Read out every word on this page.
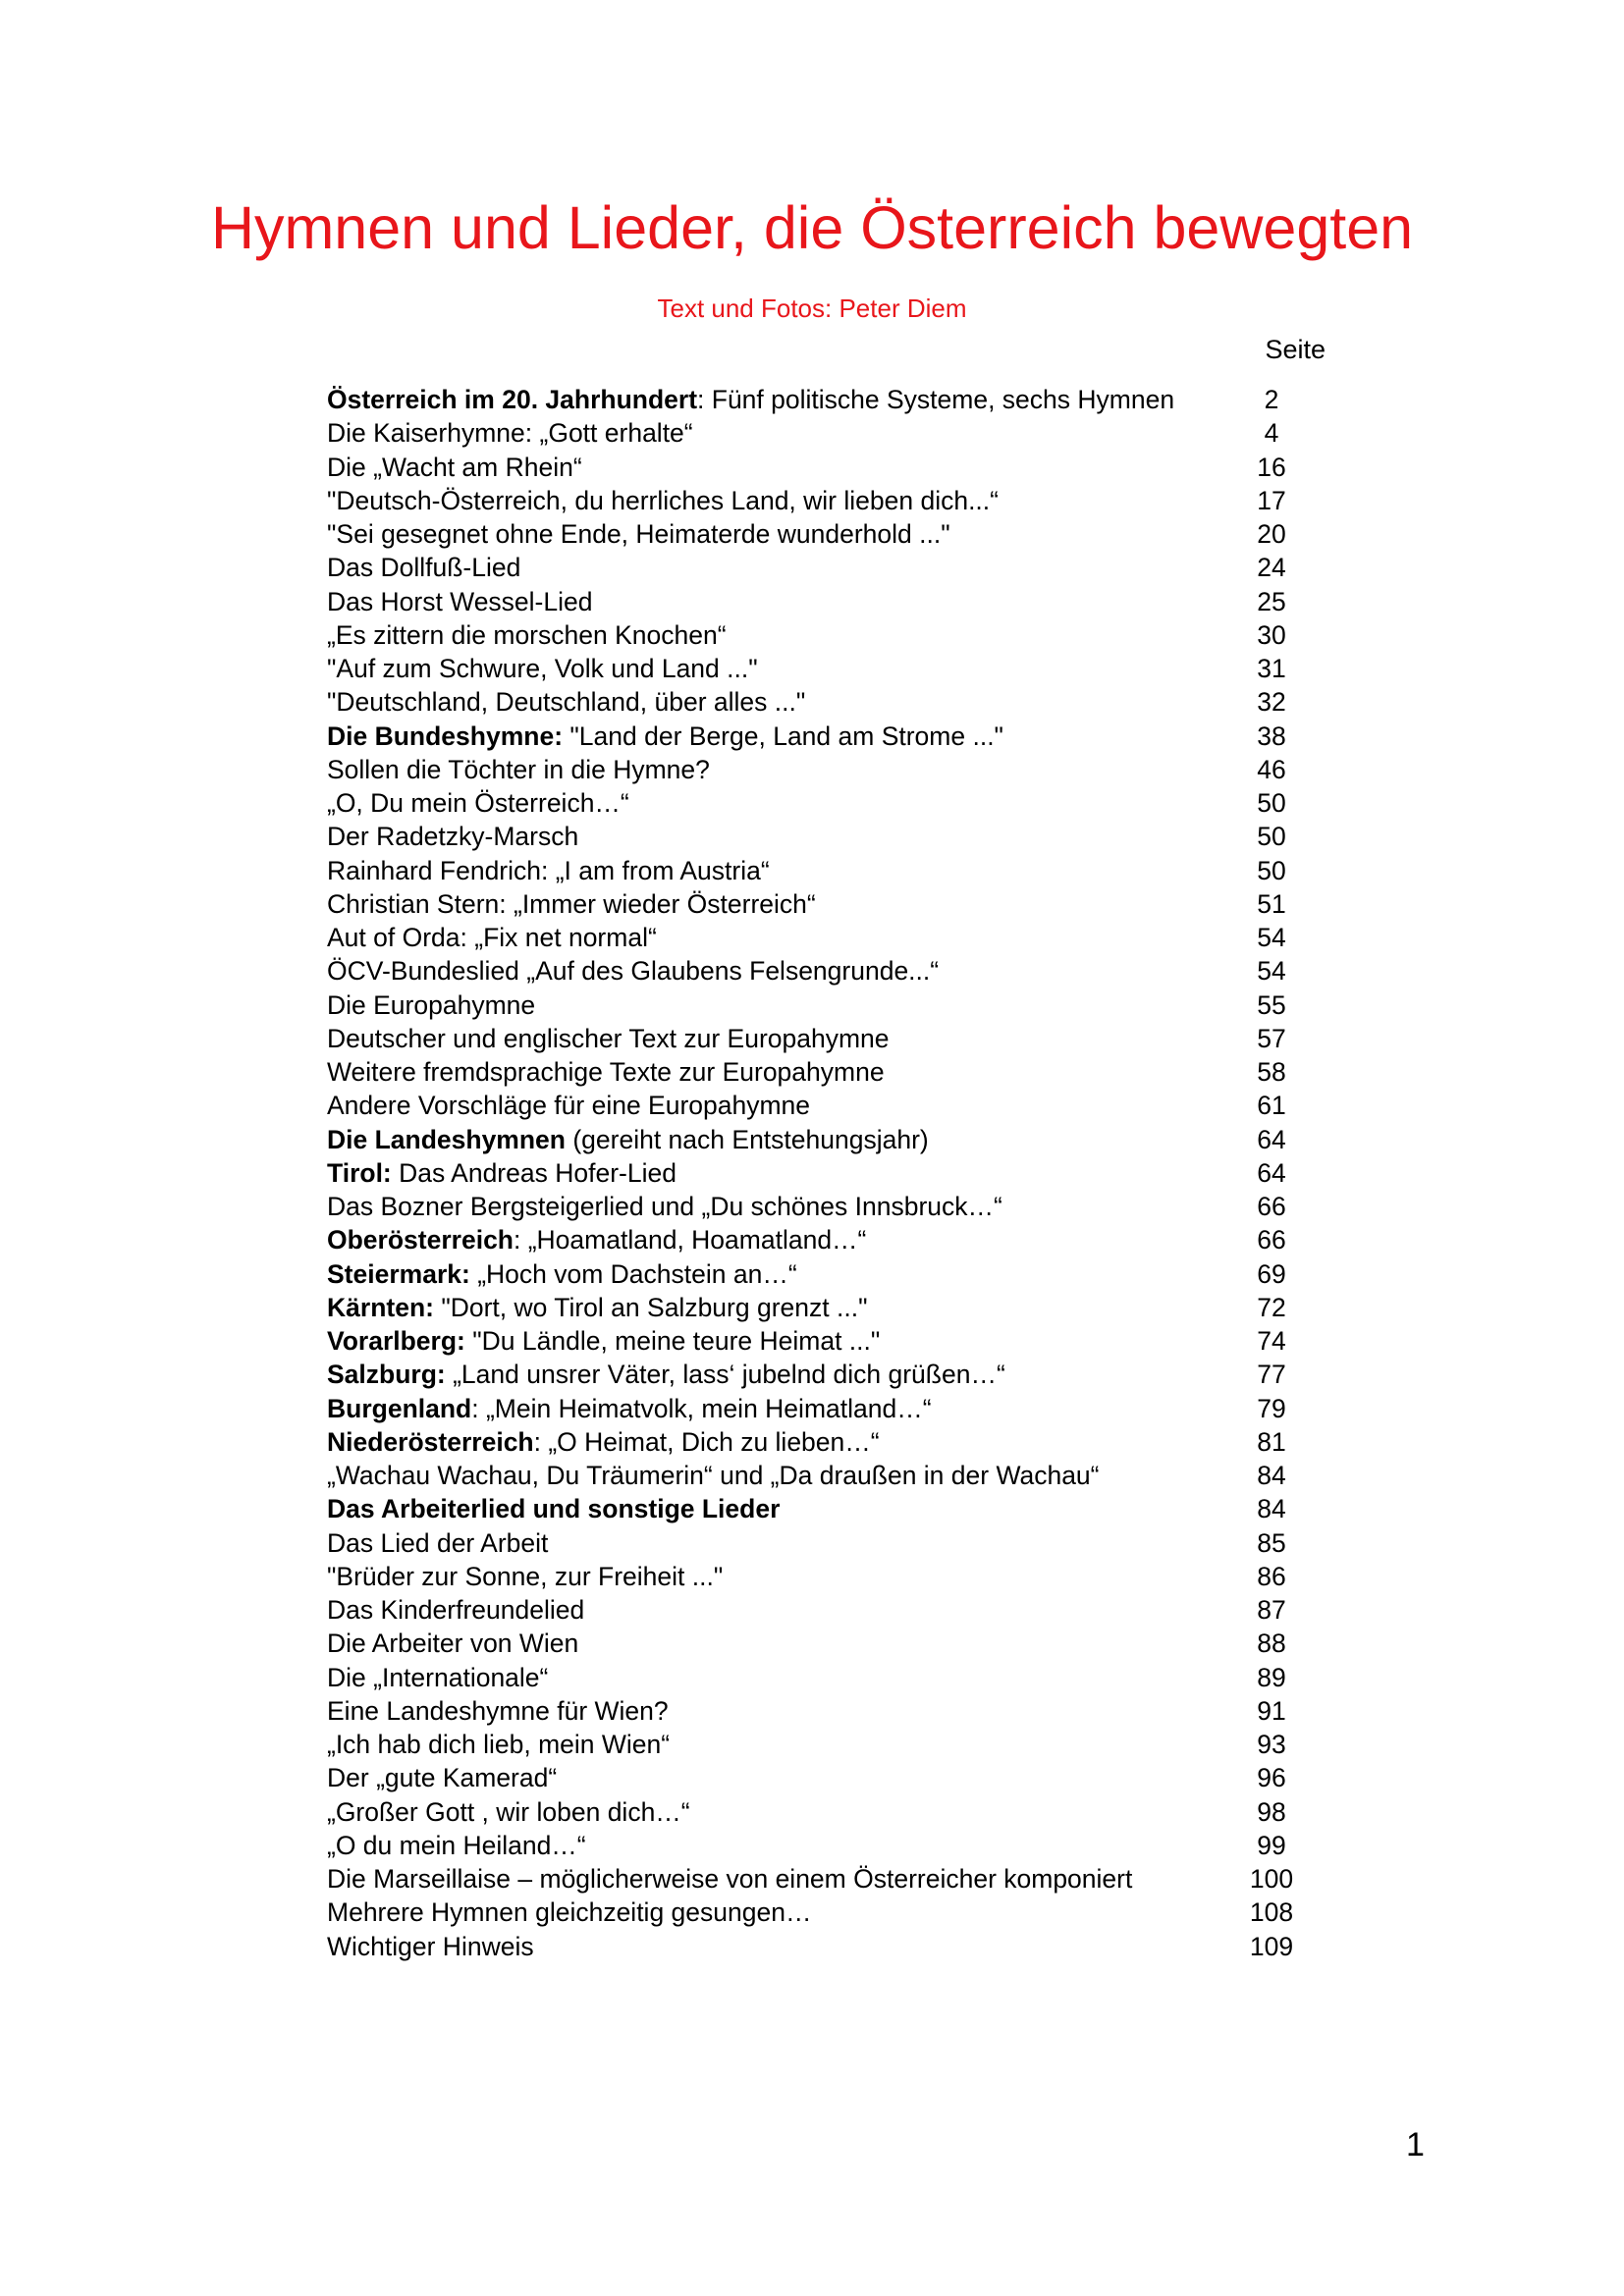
Hymnen und Lieder, die Österreich bewegten
Text und Fotos: Peter Diem
Seite
Österreich im 20. Jahrhundert: Fünf politische Systeme, sechs Hymnen	2
Die Kaiserhymne: „Gott erhalte“	4
Die „Wacht am Rhein“	16
"Deutsch-Österreich, du herrliches Land, wir lieben dich...“	17
"Sei gesegnet ohne Ende, Heimaterde wunderhold ..."	20
Das Dollfuß-Lied	24
Das Horst Wessel-Lied	25
„Es zittern die morschen Knochen“	30
"Auf zum Schwure, Volk und Land ..."	31
"Deutschland, Deutschland, über alles ..."	32
Die Bundeshymne: "Land der Berge, Land am Strome ..."	38
Sollen die Töchter in die Hymne?	46
„O, Du mein Österreich…“	50
Der Radetzky-Marsch	50
Rainhard Fendrich: „I am from Austria“	50
Christian Stern: „Immer wieder Österreich“	51
Aut of Orda: „Fix net normal“	54
ÖCV-Bundeslied „Auf des Glaubens Felsengrunde...“	54
Die Europahymne	55
Deutscher und englischer Text zur Europahymne	57
Weitere fremdsprachige Texte zur Europahymne	58
Andere Vorschläge für eine Europahymne	61
Die Landeshymnen (gereiht nach Entstehungsjahr)	64
Tirol: Das Andreas Hofer-Lied	64
Das Bozner Bergsteigerlied und „Du schönes Innsbruck…“	66
Oberösterreich: „Hoamatland, Hoamatland…“	66
Steiermark: „Hoch vom Dachstein an…“	69
Kärnten: "Dort, wo Tirol an Salzburg grenzt ..."	72
Vorarlberg: "Du Ländle, meine teure Heimat ..."	74
Salzburg: „Land unsrer Väter, lass‘ jubelnd dich grüßen…“	77
Burgenland: „Mein Heimatvolk, mein Heimatland…“	79
Niederösterreich: „O Heimat, Dich zu lieben…“	81
„Wachau Wachau, Du Träumerin“ und „Da draußen in der Wachau“	84
Das Arbeiterlied und sonstige Lieder	84
Das Lied der Arbeit	85
"Brüder zur Sonne, zur Freiheit ..."	86
Das Kinderfreundelied	87
Die Arbeiter von Wien	88
Die „Internationale“	89
Eine Landeshymne für Wien?	91
„Ich hab dich lieb, mein Wien“	93
Der „gute Kamerad“	96
„Großer Gott , wir loben dich…“	98
„O du mein Heiland…“	99
Die Marseillaise – möglicherweise von einem Österreicher komponiert	100
Mehrere Hymnen gleichzeitig gesungen…	108
Wichtiger Hinweis	109
1
